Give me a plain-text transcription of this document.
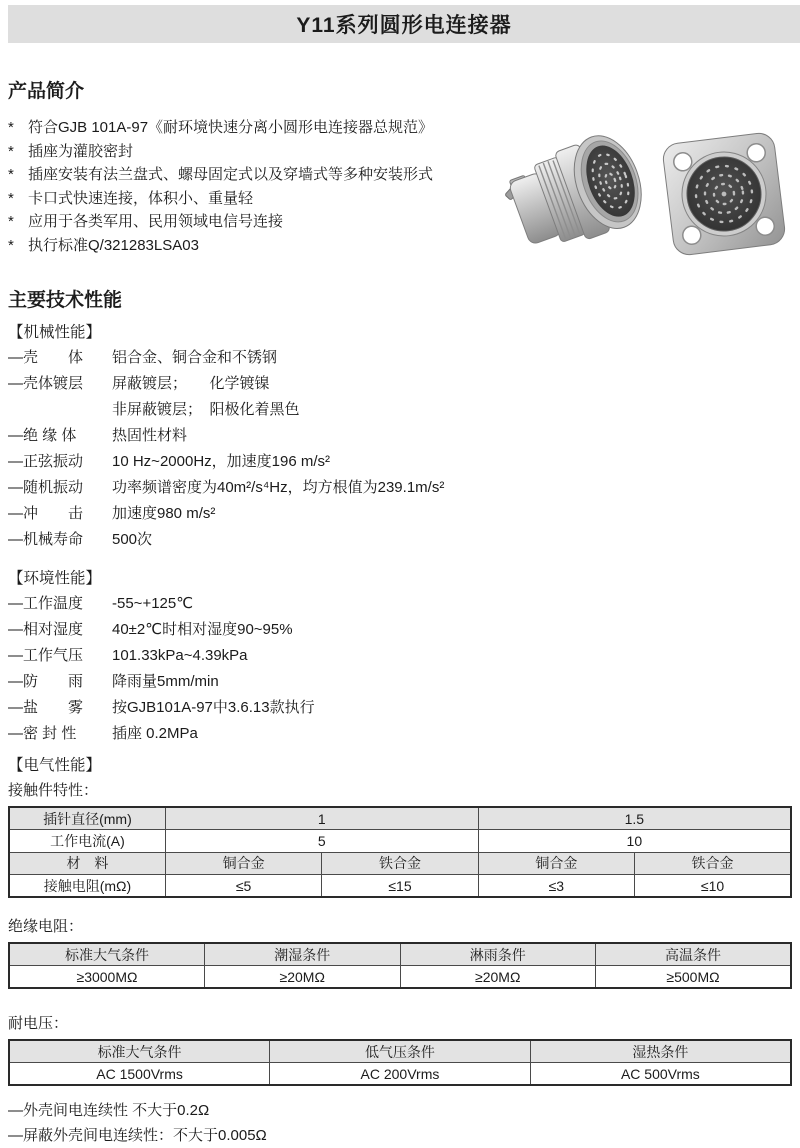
Y11系列圆形电连接器
产品简介
* 符合GJB 101A-97《耐环境快速分离小圆形电连接器总规范》
* 插座为灌胶密封
* 插座安装有法兰盘式、螺母固定式以及穿墙式等多种安装形式
* 卡口式快速连接，体积小、重量轻
* 应用于各类军用、民用领域电信号连接
* 执行标准Q/321283LSA03
主要技术性能
【机械性能】
—壳　　体	铝合金、铜合金和不锈钢
—壳体镀层	屏蔽镀层；　　化学镀镍
非屏蔽镀层；　阳极化着黑色
—绝 缘 体	热固性材料
—正弦振动	10 Hz~2000Hz，加速度196 m/s²
—随机振动	功率频谱密度为40m²/s⁴Hz，均方根值为239.1m/s²
—冲　　击	加速度980 m/s²
—机械寿命	500次
【环境性能】
—工作温度	-55~+125℃
—相对湿度	40±2℃时相对湿度90~95%
—工作气压	101.33kPa~4.39kPa
—防　　雨	降雨量5mm/min
—盐　　雾	按GJB101A-97中3.6.13款执行
—密 封 性	插座 0.2MPa
【电气性能】
接触件特性：
插针直径(mm)	1		1.5	
工作电流(A)	5		10	
材　料	铜合金	铁合金	铜合金	铁合金
接触电阻(mΩ)	≤5	≤15	≤3	≤10
绝缘电阻：
标准大气条件	潮湿条件	淋雨条件	高温条件
≥3000MΩ	≥20MΩ	≥20MΩ	≥500MΩ
耐电压：
标准大气条件	低气压条件	湿热条件
AC 1500Vrms	AC 200Vrms	AC 500Vrms
—外壳间电连续性 不大于0.2Ω
—屏蔽外壳间电连续性：不大于0.005Ω
